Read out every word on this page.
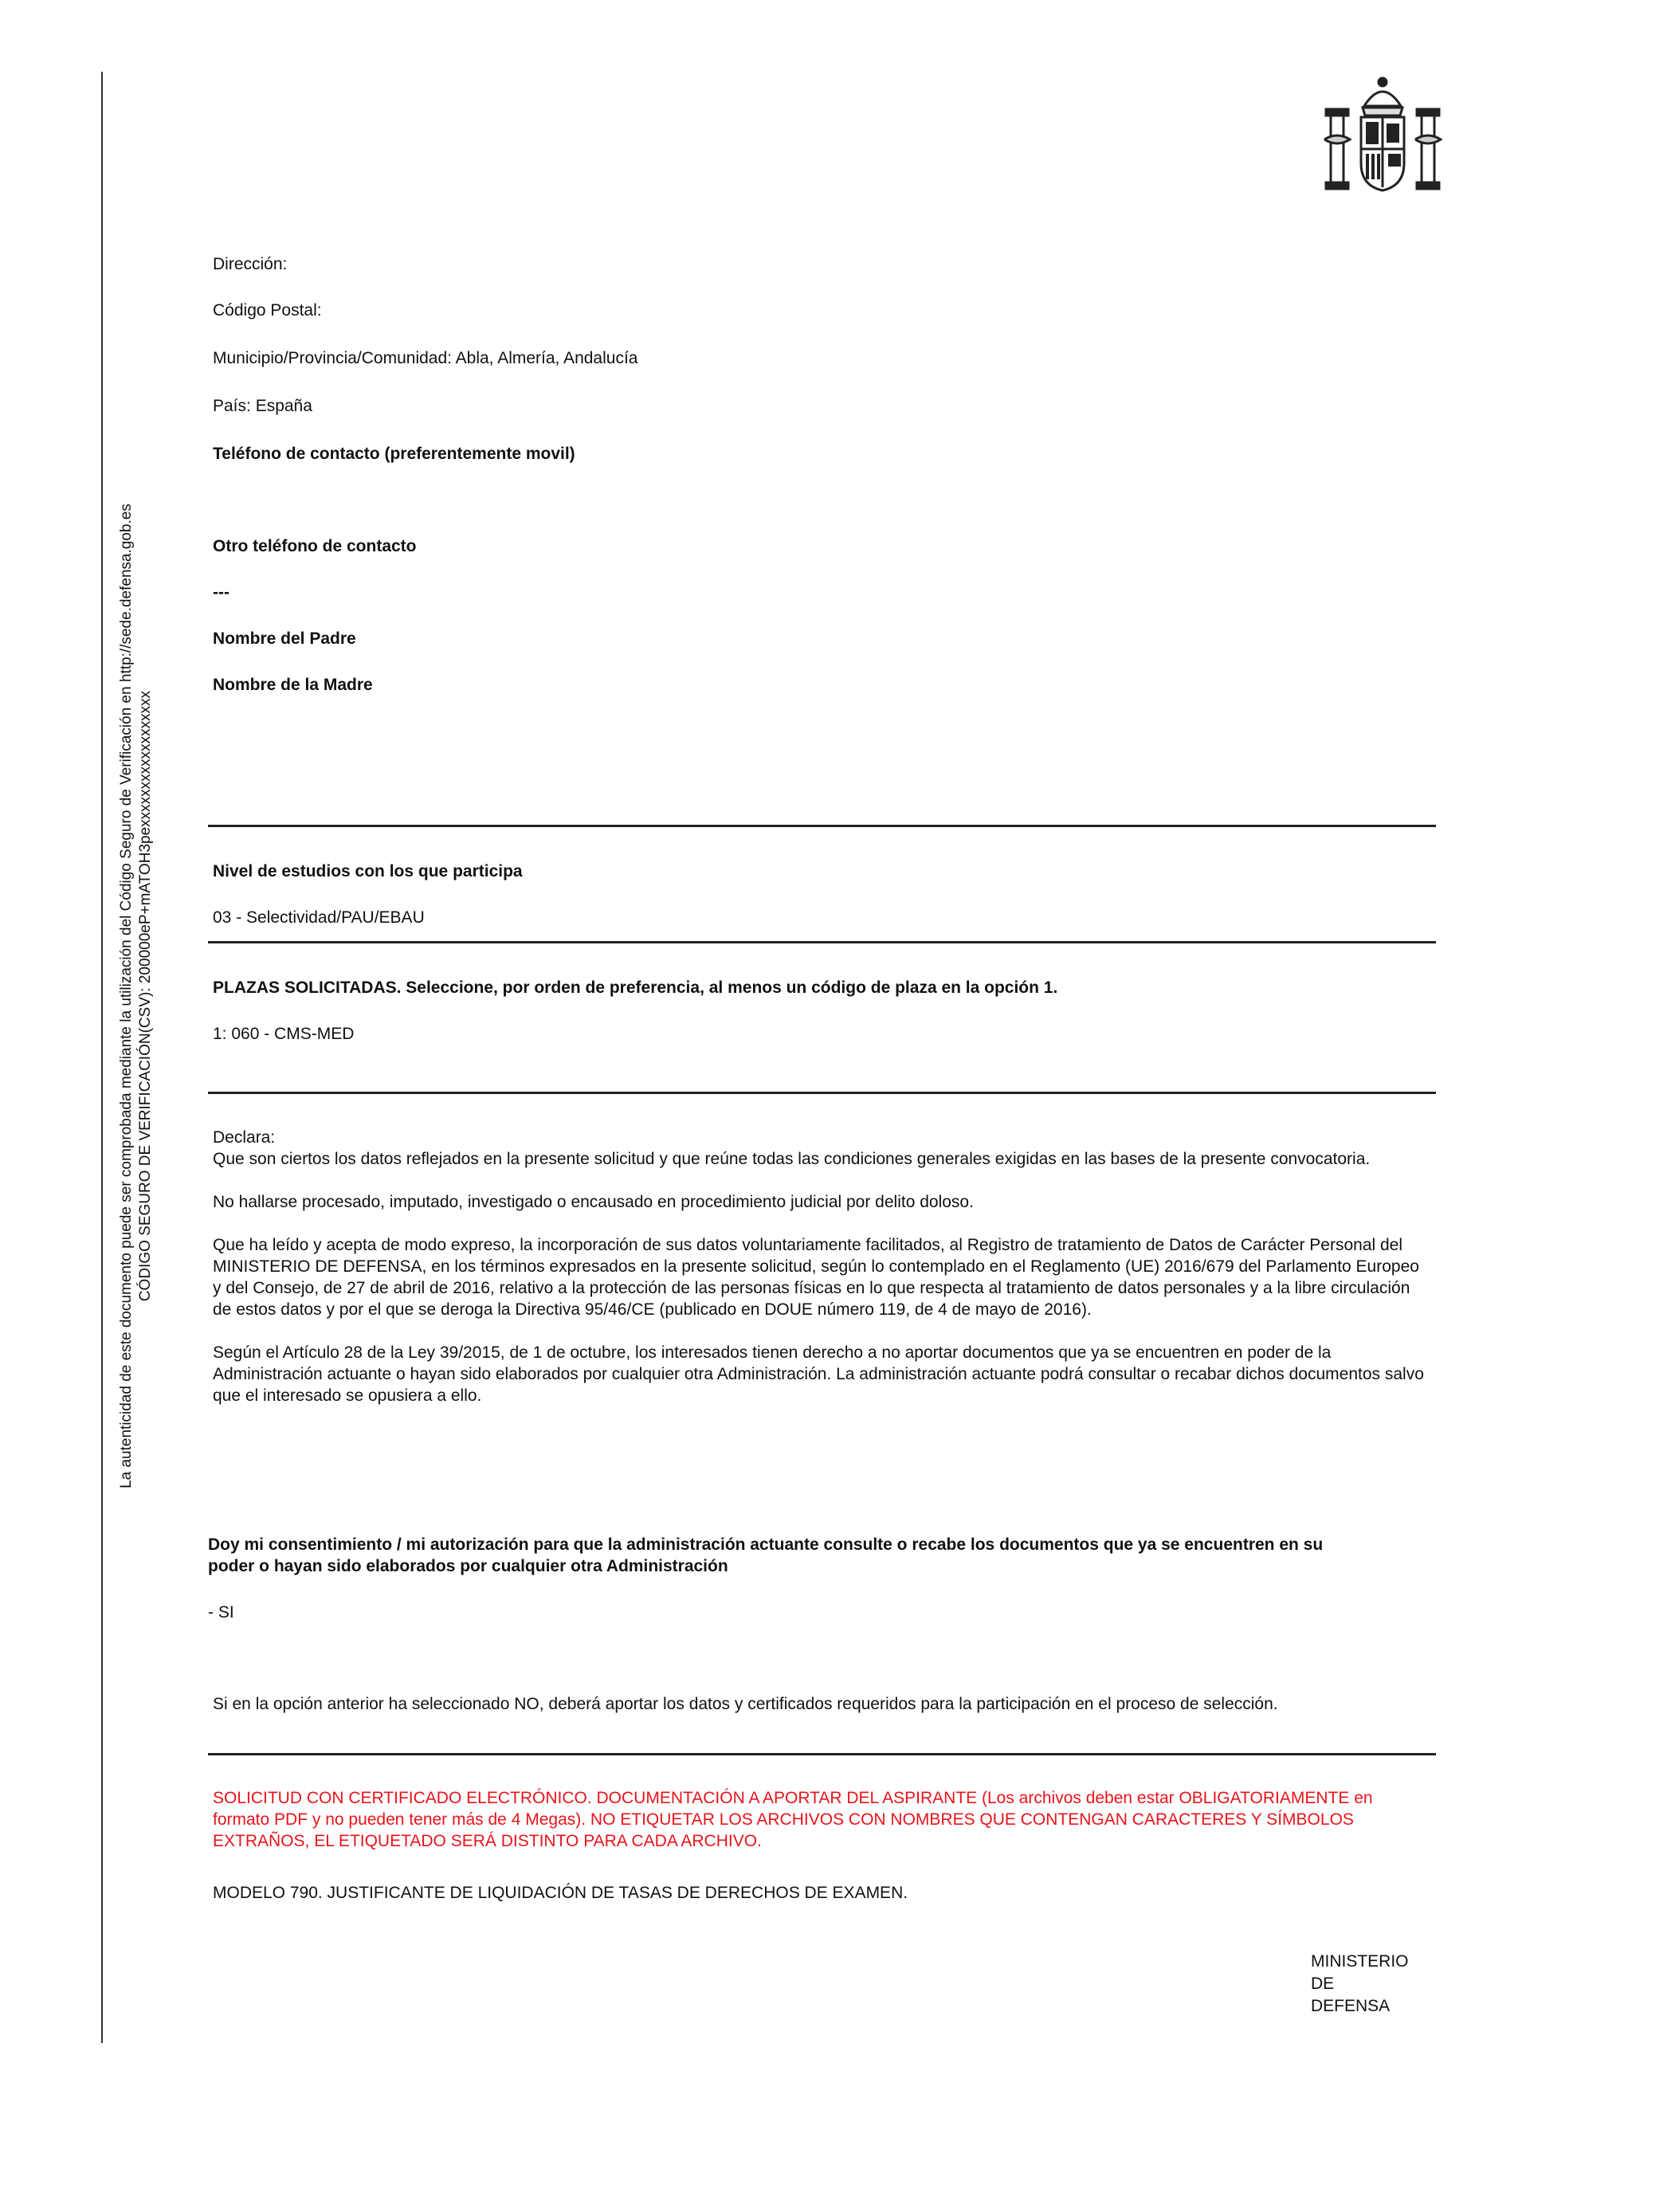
La autenticidad de este documento puede ser comprobada mediante la utilización del Código Seguro de Verificación en http://sede.defensa.gob.es CÓDIGO SEGURO DE VERIFICACIÓN(CSV): 200000eP+mATOH3pexxxxxxxxxxxxxxxxxx
Dirección:
Código Postal:
Municipio/Provincia/Comunidad: Abla, Almería, Andalucía
País: España
Teléfono de contacto (preferentemente movil)
Otro teléfono de contacto
---
Nombre del Padre
Nombre de la Madre
Nivel de estudios con los que participa
03 - Selectividad/PAU/EBAU
PLAZAS SOLICITADAS. Seleccione, por orden de preferencia, al menos un código de plaza en la opción 1.
1: 060 - CMS-MED

Declara:

Que son ciertos los datos reflejados en la presente solicitud y que reúne todas las condiciones generales exigidas en las bases de la presente convocatoria.

No hallarse procesado, imputado, investigado o encausado en procedimiento judicial por delito doloso.

Que ha leído y acepta de modo expreso, la incorporación de sus datos voluntariamente facilitados, al Registro de tratamiento de Datos de Carácter Personal del MINISTERIO DE DEFENSA, en los términos expresados en la presente solicitud, según lo contemplado en el Reglamento (UE) 2016/679 del Parlamento Europeo y del Consejo, de 27 de abril de 2016, relativo a la protección de las personas físicas en lo que respecta al tratamiento de datos personales y a la libre circulación de estos datos y por el que se deroga la Directiva 95/46/CE (publicado en DOUE número 119, de 4 de mayo de 2016).

Según el Artículo 28 de la Ley 39/2015, de 1 de octubre, los interesados tienen derecho a no aportar documentos que ya se encuentren en poder de la Administración actuante o hayan sido elaborados por cualquier otra Administración. La administración actuante podrá consultar o recabar dichos documentos salvo que el interesado se opusiera a ello.

Doy mi consentimiento / mi autorización para que la administración actuante consulte o recabe los documentos que ya se encuentren en su poder o hayan sido elaborados por cualquier otra Administración
- SI
Si en la opción anterior ha seleccionado NO, deberá aportar los datos y certificados requeridos para la participación en el proceso de selección.
SOLICITUD CON CERTIFICADO ELECTRÓNICO. DOCUMENTACIÓN A APORTAR DEL ASPIRANTE (Los archivos deben estar OBLIGATORIAMENTE en formato PDF y no pueden tener más de 4 Megas). NO ETIQUETAR LOS ARCHIVOS CON NOMBRES QUE CONTENGAN CARACTERES Y SÍMBOLOS EXTRAÑOS, EL ETIQUETADO SERÁ DISTINTO PARA CADA ARCHIVO.
MODELO 790. JUSTIFICANTE DE LIQUIDACIÓN DE TASAS DE DERECHOS DE EXAMEN.
MINISTERIO
DE
DEFENSA
